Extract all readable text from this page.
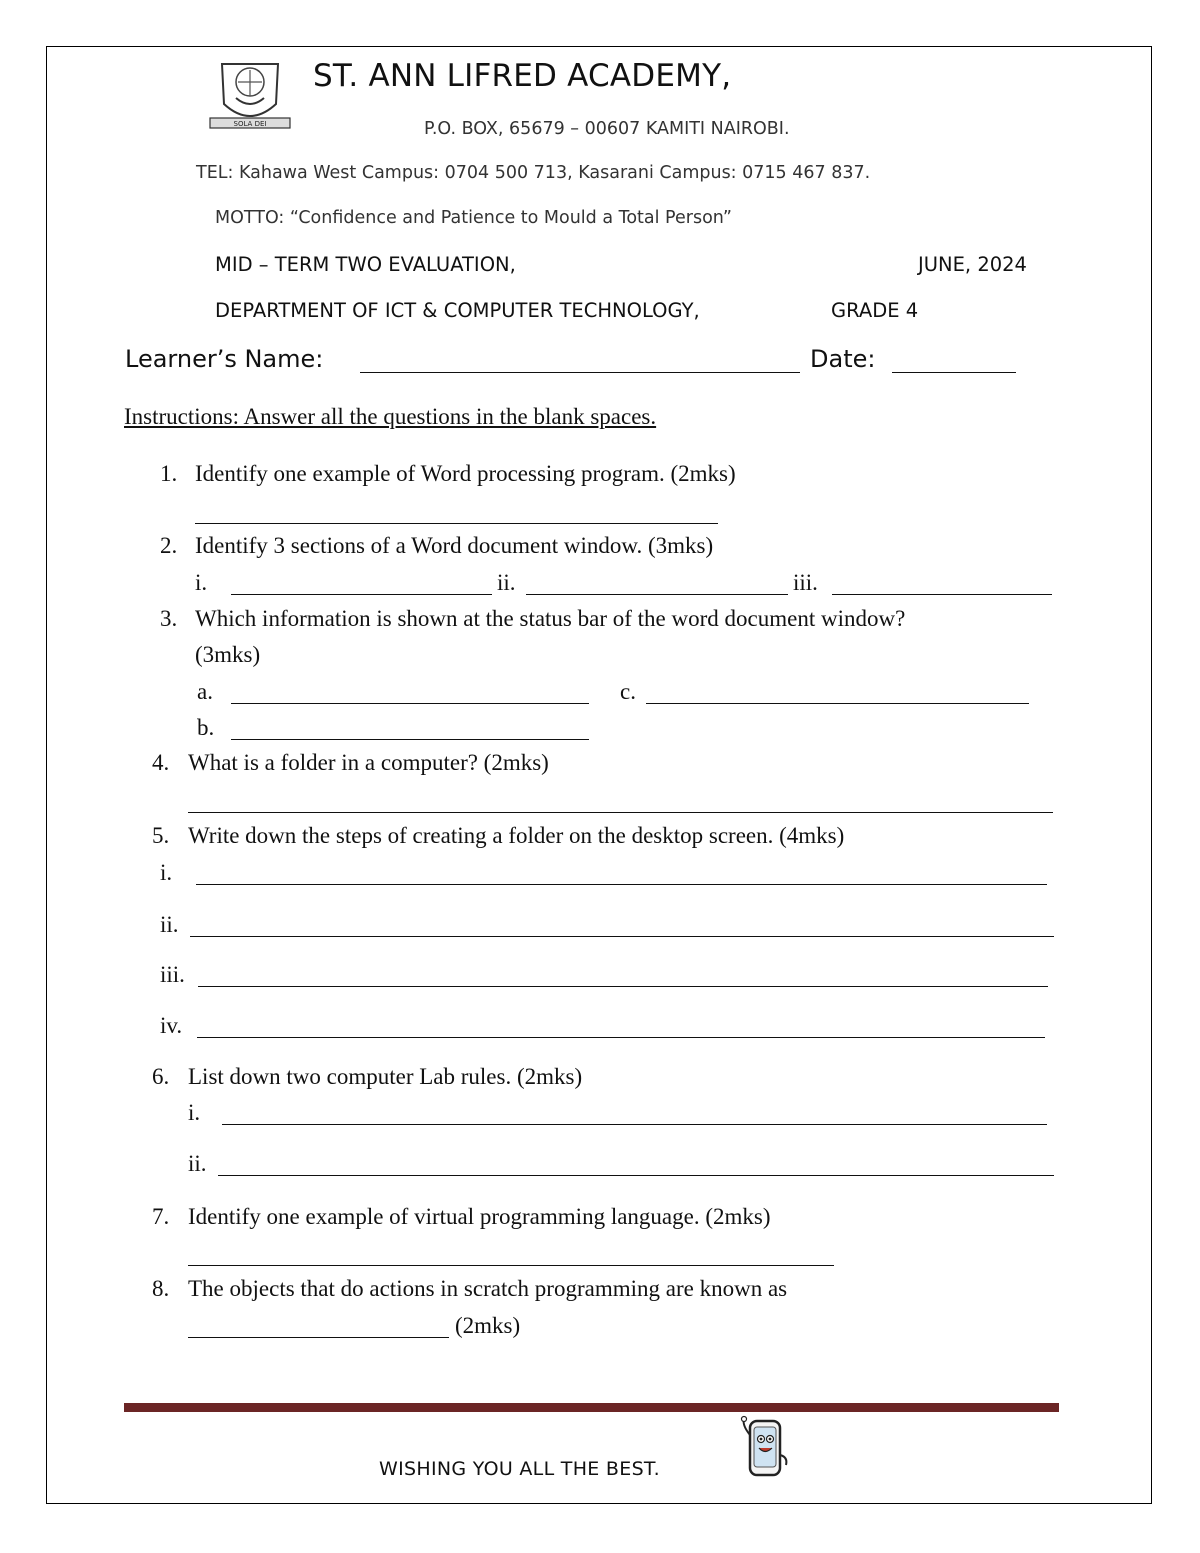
SOLA DEI
ST. ANN LIFRED ACADEMY,
P.O. BOX, 65679 – 00607 KAMITI NAIROBI.
TEL: Kahawa West Campus: 0704 500 713, Kasarani Campus: 0715 467 837.
MOTTO: “Confidence and Patience to Mould a Total Person”
MID – TERM TWO EVALUATION,	JUNE, 2024
DEPARTMENT OF ICT & COMPUTER TECHNOLOGY,	GRADE 4
Learner’s Name:	Date:
Instructions: Answer all the questions in the blank spaces.
1. Identify one example of Word processing program. (2mks)
2. Identify 3 sections of a Word document window. (3mks)
i.	ii.	iii.
3. Which information is shown at the status bar of the word document window?
(3mks)
a.	c.
b.
4. What is a folder in a computer? (2mks)
5. Write down the steps of creating a folder on the desktop screen. (4mks)
i.
ii.
iii.
iv.
6. List down two computer Lab rules. (2mks)
i.
ii.
7. Identify one example of virtual programming language. (2mks)
8. The objects that do actions in scratch programming are known as
(2mks)
WISHING YOU ALL THE BEST.
